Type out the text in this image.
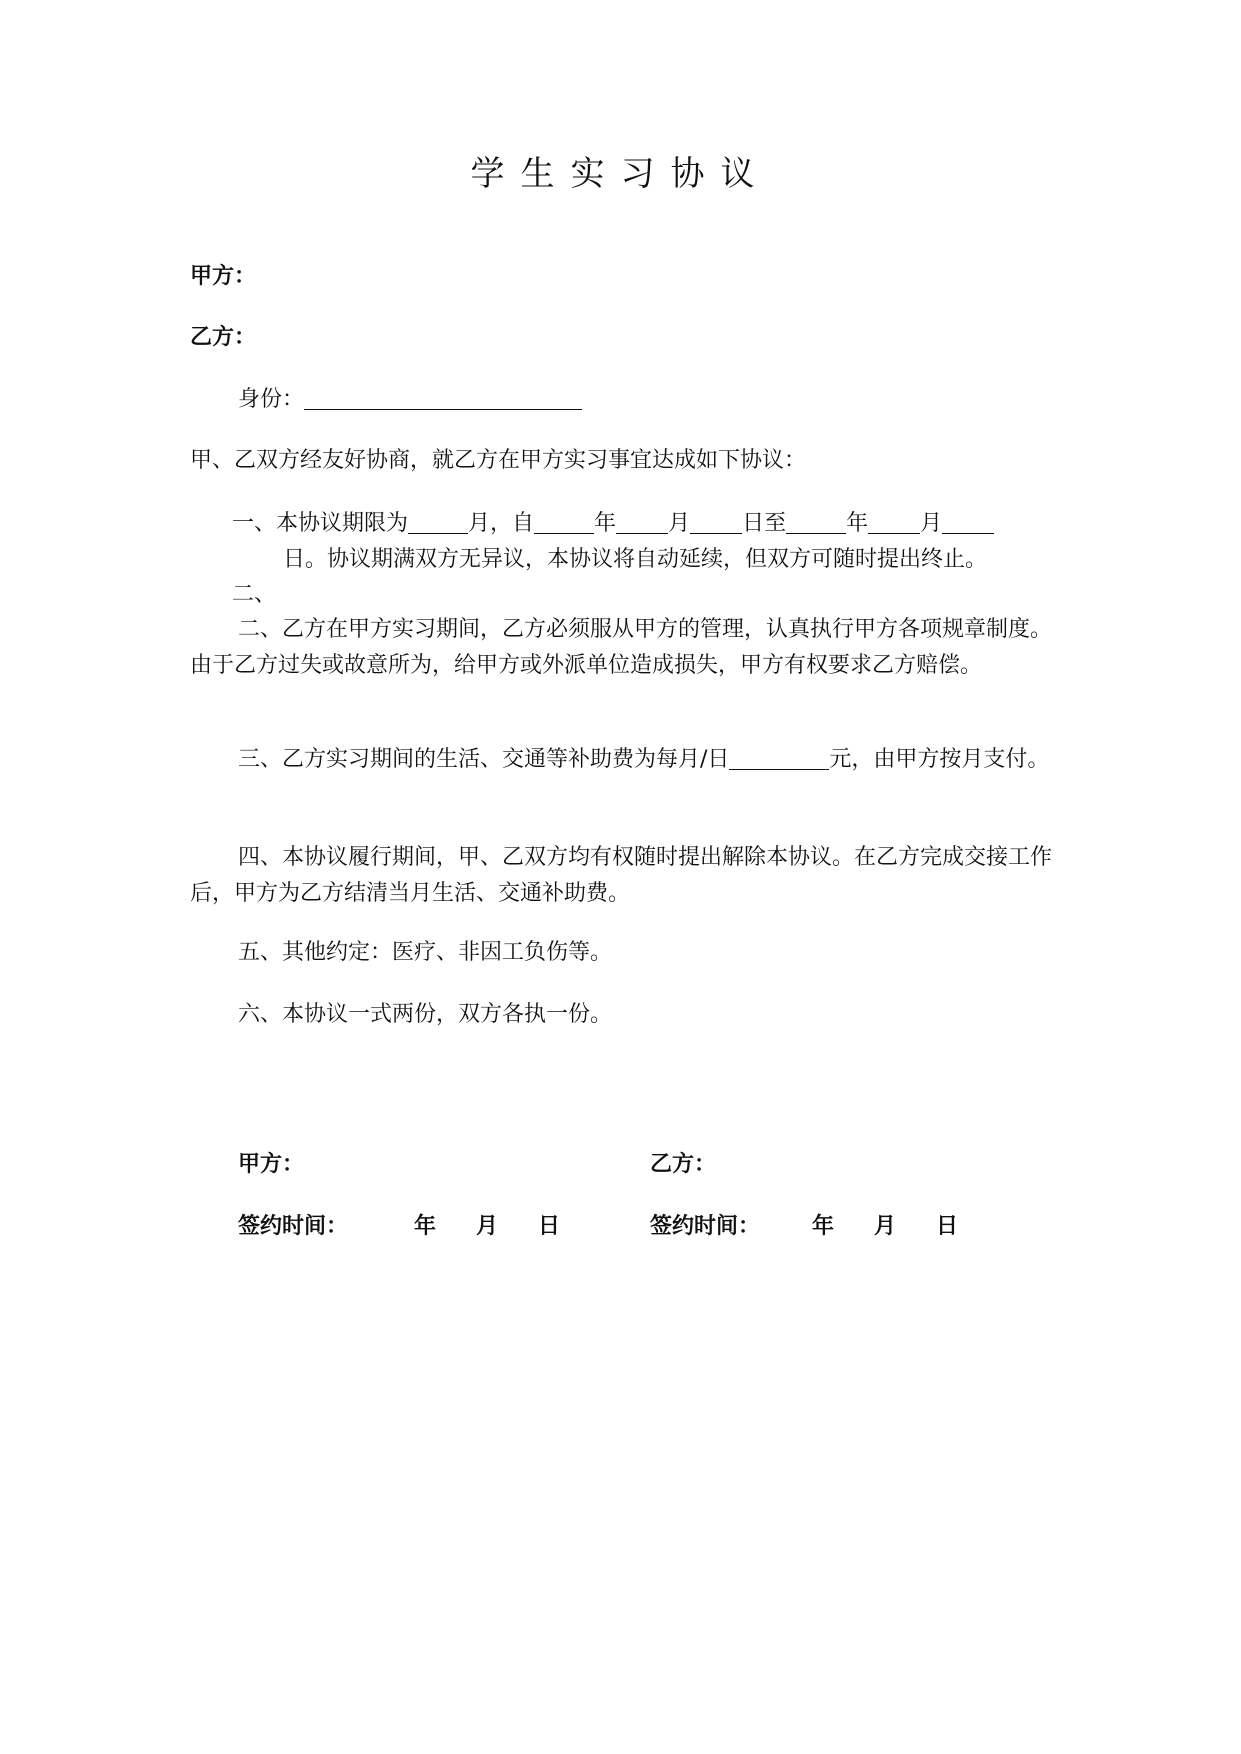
学生实习协议
甲方：
乙方：
身份：
甲、乙双方经友好协商，就乙方在甲方实习事宜达成如下协议：
一、本协议期限为	月，自	年 月 日至	年 月
日。协议期满双方无异议，本协议将自动延续，但双方可随时提出终止。
二、

二、乙方在甲方实习期间，乙方必须服从甲方的管理，认真执行甲方各项规章制度。由于乙方过失或故意所为，给甲方或外派单位造成损失，甲方有权要求乙方赔偿。

三、乙方实习期间的生活、交通等补助费为每月/日	元，由甲方按月支付。

四、本协议履行期间，甲、乙双方均有权随时提出解除本协议。在乙方完成交接工作后，甲方为乙方结清当月生活、交通补助费。

五、其他约定：医疗、非因工负伤等。
六、本协议一式两份，双方各执一份。
甲方：	乙方：
签约时间：	年 月 日	签约时间： 年 月 日
